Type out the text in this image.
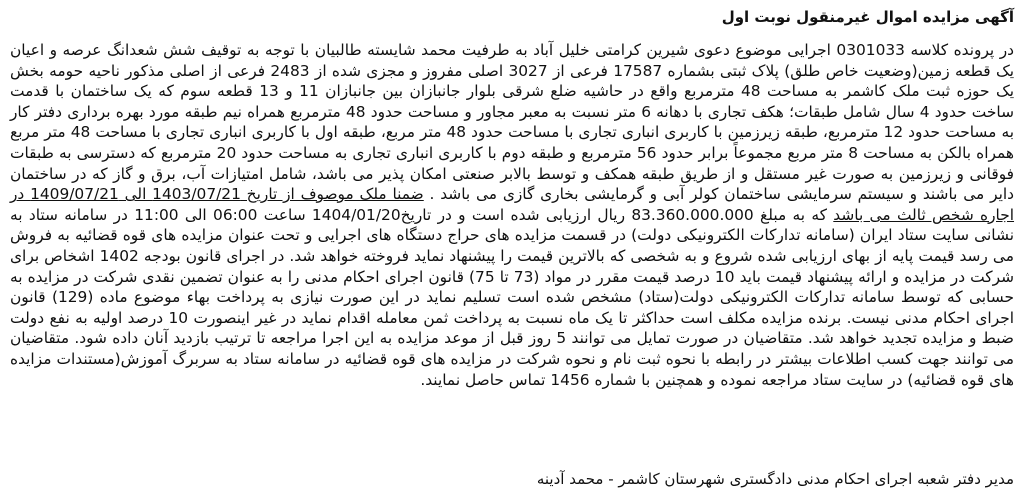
آگهی مزایده اموال غیرمنقول نوبت اول
در پرونده کلاسه 0301033 اجرایی موضوع دعوی شیرین کرامتی خلیل آباد به طرفیت محمد شایسته طالبیان با توجه به توقیف شش شعدانگ عرصه و اعیان یک قطعه زمین(وضعیت خاص طلق) پلاک ثبتی بشماره 17587 فرعی از 3027 اصلی مفروز و مجزی شده از 2483 فرعی از اصلی مذکور ناحیه حومه بخش یک حوزه ثبت ملک کاشمر به مساحت 48 مترمربع واقع در حاشیه ضلع شرقی بلوار جانبازان بین جانبازان 11 و 13 قطعه سوم که یک ساختمان با قدمت ساخت حدود 4 سال شامل طبقات؛ هکف تجاری با دهانه 6 متر نسبت به معبر مجاور و مساحت حدود 48 مترمربع همراه نیم طبقه مورد بهره برداری دفتر کار به مساحت حدود 12 مترمربع، طبقه زیرزمین با کاربری انباری تجاری با مساحت حدود 48 متر مربع، طبقه اول با کاربری انباری تجاری با مساحت 48 متر مربع همراه بالکن به مساحت 8 متر مربع مجموعاً برابر حدود 56 مترمربع و طبقه دوم با کاربری انباری تجاری به مساحت حدود 20 مترمربع که دسترسی به طبقات فوقانی و زیرزمین به صورت غیر مستقل و از طریق طبقه همکف و توسط بالابر صنعتی امکان پذیر می باشد، شامل امتیازات آب، برق و گاز که در ساختمان دایر می باشند و سیستم سرمایشی ساختمان کولر آبی و گرمایشی بخاری گازی می باشد . ضمنا ملک موصوف از تاریخ 1403/07/21 الی 1409/07/21 در اجاره شخص ثالث می باشد که به مبلغ 83.360.000.000 ریال ارزیابی شده است و در تاریخ1404/01/20 ساعت 06:00 الی 11:00 در سامانه ستاد به نشانی سایت ستاد ایران (سامانه تدارکات الکترونیکی دولت) در قسمت مزایده های حراج دستگاه های اجرایی و تحت عنوان مزایده های قوه قضائیه به فروش می رسد قیمت پایه از بهای ارزیابی شده شروع و به شخصی که بالاترین قیمت را پیشنهاد نماید فروخته خواهد شد. در اجرای قانون بودجه 1402 اشخاص برای شرکت در مزایده و ارائه پیشنهاد قیمت باید 10 درصد قیمت مقرر در مواد (73 تا 75) قانون اجرای احکام مدنی را به عنوان تضمین نقدی شرکت در مزایده به حسابی که توسط سامانه تدارکات الکترونیکی دولت(ستاد) مشخص شده است تسلیم نماید در این صورت نیازی به پرداخت بهاء موضوع ماده (129) قانون اجرای احکام مدنی نیست. برنده مزایده مکلف است حداکثر تا یک ماه نسبت به پرداخت ثمن معامله اقدام نماید در غیر اینصورت 10 درصد اولیه به نفع دولت ضبط و مزایده تجدید خواهد شد. متقاضیان در صورت تمایل می توانند 5 روز قبل از موعد مزایده به این اجرا مراجعه تا ترتیب بازدید آنان داده شود. متقاضیان می توانند جهت کسب اطلاعات بیشتر در رابطه با نحوه ثبت نام و نحوه شرکت در مزایده های قوه قضائیه در سامانه ستاد به سربرگ آموزش(مستندات مزایده های قوه قضائیه) در سایت ستاد مراجعه نموده و همچنین با شماره 1456 تماس حاصل نمایند.
مدیر دفتر شعبه اجرای احکام مدنی دادگستری شهرستان کاشمر - محمد آدینه
